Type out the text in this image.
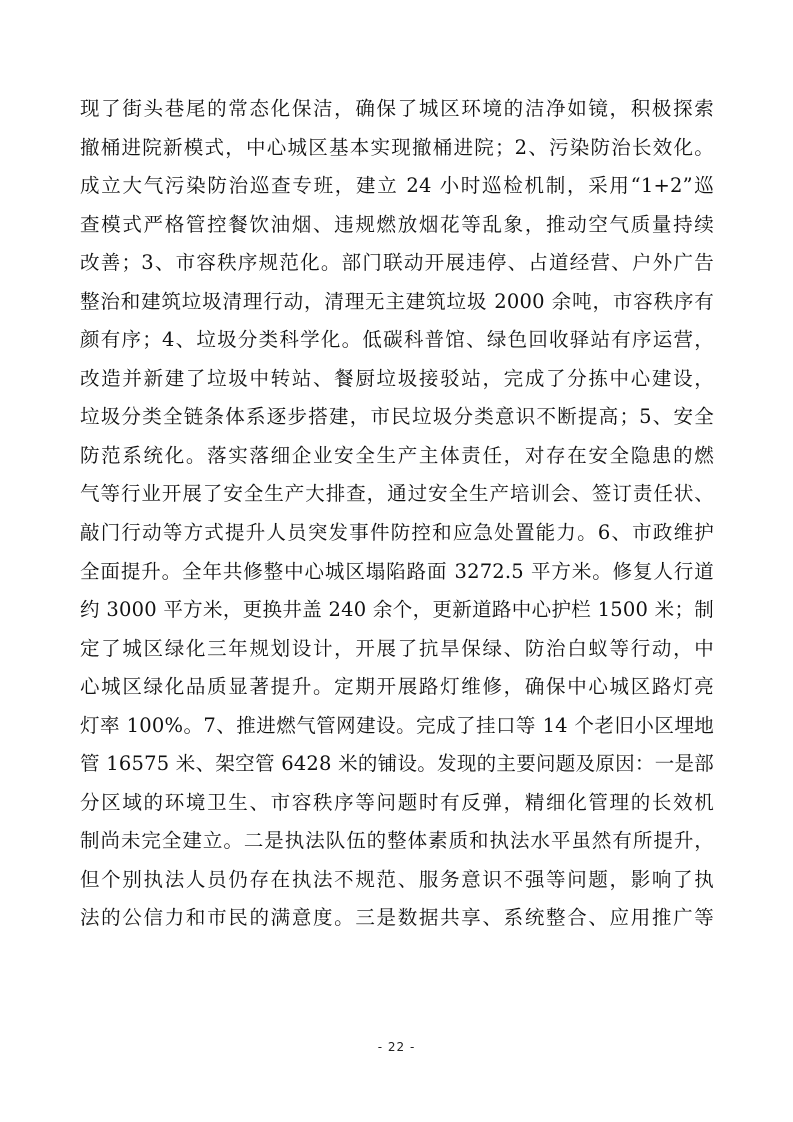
现了街头巷尾的常态化保洁，确保了城区环境的洁净如镜，积极探索
撤桶进院新模式，中心城区基本实现撤桶进院；2、污染防治长效化。
成立大气污染防治巡查专班，建立 24 小时巡检机制，采用“1+2”巡
查模式严格管控餐饮油烟、违规燃放烟花等乱象，推动空气质量持续
改善；3、市容秩序规范化。部门联动开展违停、占道经营、户外广告
整治和建筑垃圾清理行动，清理无主建筑垃圾 2000 余吨，市容秩序有
颜有序；4、垃圾分类科学化。低碳科普馆、绿色回收驿站有序运营，
改造并新建了垃圾中转站、餐厨垃圾接驳站，完成了分拣中心建设，
垃圾分类全链条体系逐步搭建，市民垃圾分类意识不断提高；5、安全
防范系统化。落实落细企业安全生产主体责任，对存在安全隐患的燃
气等行业开展了安全生产大排查，通过安全生产培训会、签订责任状、
敲门行动等方式提升人员突发事件防控和应急处置能力。6、市政维护
全面提升。全年共修整中心城区塌陷路面 3272.5 平方米。修复人行道
约 3000 平方米，更换井盖 240 余个，更新道路中心护栏 1500 米；制
定了城区绿化三年规划设计，开展了抗旱保绿、防治白蚁等行动，中
心城区绿化品质显著提升。定期开展路灯维修，确保中心城区路灯亮
灯率 100%。7、推进燃气管网建设。完成了挂口等 14 个老旧小区埋地
管 16575 米、架空管 6428 米的铺设。发现的主要问题及原因：一是部
分区域的环境卫生、市容秩序等问题时有反弹，精细化管理的长效机
制尚未完全建立。二是执法队伍的整体素质和执法水平虽然有所提升，
但个别执法人员仍存在执法不规范、服务意识不强等问题，影响了执
法的公信力和市民的满意度。三是数据共享、系统整合、应用推广等
- 22 -
